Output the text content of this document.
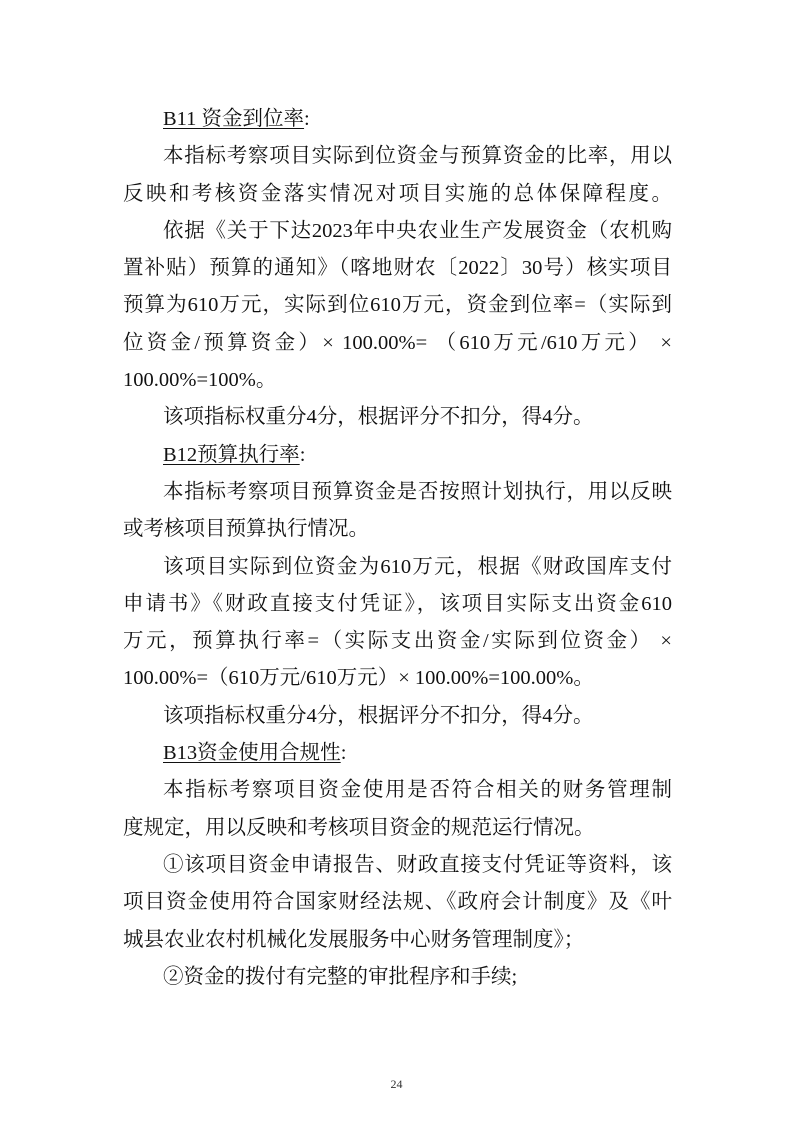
B11 资金到位率:
本指标考察项目实际到位资金与预算资金的比率，用以
反映和考核资金落实情况对项目实施的总体保障程度。
依据《关于下达2023年中央农业生产发展资金（农机购
置补贴）预算的通知》（喀地财农〔2022〕30号）核实项目
预算为610万元，实际到位610万元，资金到位率=（实际到
位资金/预算资金）× 100.00%= （610万元/610万元） ×
100.00%=100%。
该项指标权重分4分，根据评分不扣分，得4分。
B12预算执行率:
本指标考察项目预算资金是否按照计划执行，用以反映
或考核项目预算执行情况。
该项目实际到位资金为610万元，根据《财政国库支付
申请书》《财政直接支付凭证》，该项目实际支出资金610
万元，预算执行率=（实际支出资金/实际到位资金） ×
100.00%=（610万元/610万元）× 100.00%=100.00%。
该项指标权重分4分，根据评分不扣分，得4分。
B13资金使用合规性:
本指标考察项目资金使用是否符合相关的财务管理制
度规定，用以反映和考核项目资金的规范运行情况。
①该项目资金申请报告、财政直接支付凭证等资料，该
项目资金使用符合国家财经法规、《政府会计制度》及《叶
城县农业农村机械化发展服务中心财务管理制度》；
②资金的拨付有完整的审批程序和手续;
24
